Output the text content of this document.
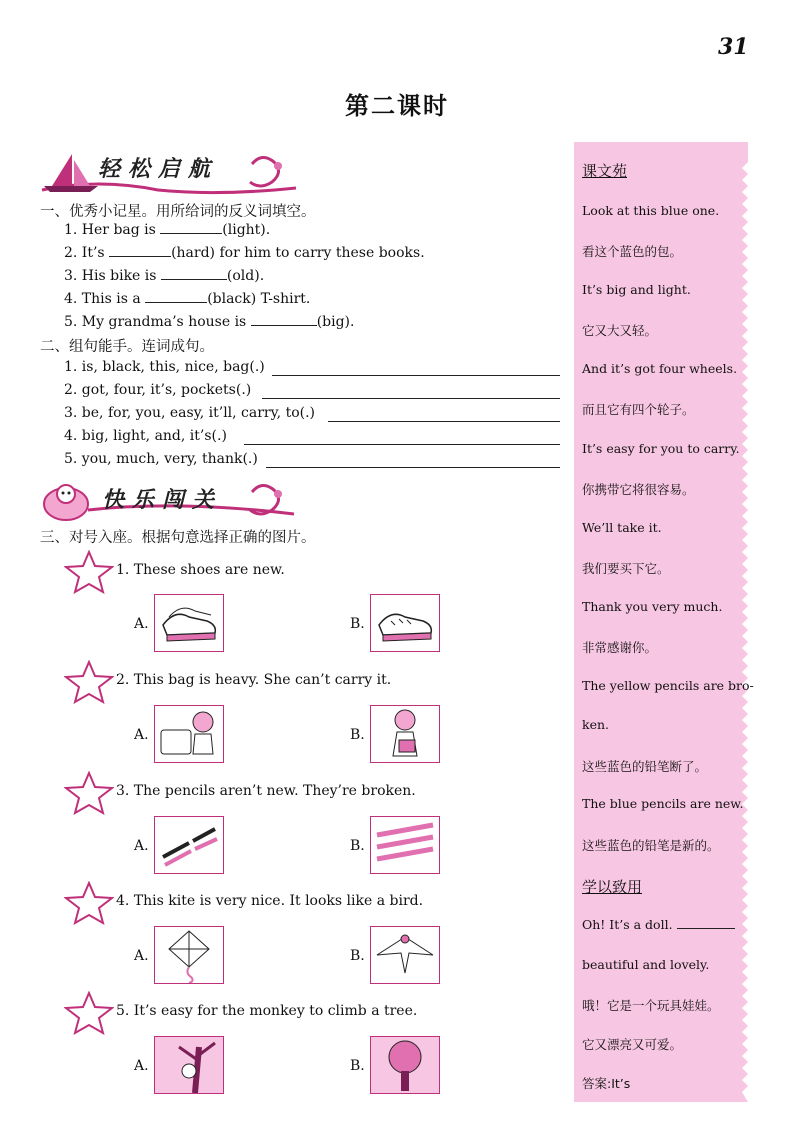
31
第二课时
轻松启航
一、优秀小记星。用所给词的反义词填空。
1. Her bag is	(light).
2. It’s	(hard) for him to carry these books.
3. His bike is	(old).
4. This is a	(black) T-shirt.
5. My grandma’s house is	(big).
二、组句能手。连词成句。
1. is, black, this, nice, bag(.)
2. got, four, it’s, pockets(.)
3. be, for, you, easy, it’ll, carry, to(.)
4. big, light, and, it’s(.)
5. you, much, very, thank(.)
快乐闯关
三、对号入座。根据句意选择正确的图片。
1. These shoes are new.
A.	B.
2. This bag is heavy. She can’t carry it.
A.	B.
3. The pencils aren’t new. They’re broken.
A.	B.
4. This kite is very nice. It looks like a bird.
A.	B.
5. It’s easy for the monkey to climb a tree.
A.	B.
课文苑
Look at this blue one.
看这个蓝色的包。
It’s big and light.
它又大又轻。
And it’s got four wheels.
而且它有四个轮子。
It’s easy for you to carry.
你携带它将很容易。
We’ll take it.
我们要买下它。
Thank you very much.
非常感谢你。
The yellow pencils are bro-
ken.
这些蓝色的铅笔断了。
The blue pencils are new.
这些蓝色的铅笔是新的。
学以致用
Oh! It’s a doll.
beautiful and lovely.
哦！它是一个玩具娃娃。
它又漂亮又可爱。
答案:It’s
